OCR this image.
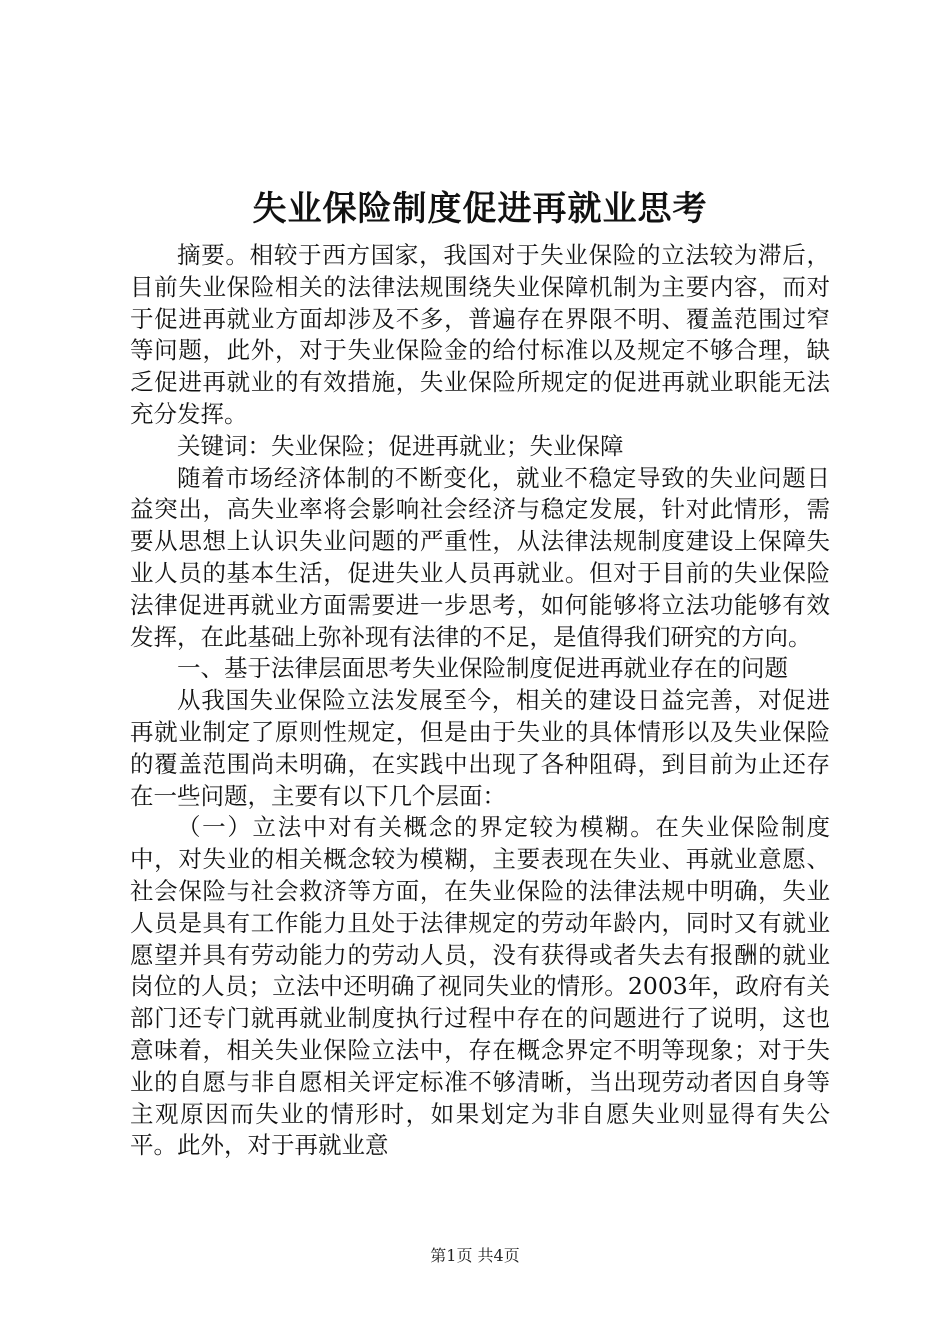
失业保险制度促进再就业思考

摘要。相较于西方国家，我国对于失业保险的立法较为滞后，目前失业保险相关的法律法规围绕失业保障机制为主要内容，而对于促进再就业方面却涉及不多，普遍存在界限不明、覆盖范围过窄等问题，此外，对于失业保险金的给付标准以及规定不够合理，缺乏促进再就业的有效措施，失业保险所规定的促进再就业职能无法充分发挥。

关键词：失业保险；促进再就业；失业保障

随着市场经济体制的不断变化，就业不稳定导致的失业问题日益突出，高失业率将会影响社会经济与稳定发展，针对此情形，需要从思想上认识失业问题的严重性，从法律法规制度建设上保障失业人员的基本生活，促进失业人员再就业。但对于目前的失业保险法律促进再就业方面需要进一步思考，如何能够将立法功能够有效发挥，在此基础上弥补现有法律的不足，是值得我们研究的方向。

一、基于法律层面思考失业保险制度促进再就业存在的问题

从我国失业保险立法发展至今，相关的建设日益完善，对促进再就业制定了原则性规定，但是由于失业的具体情形以及失业保险的覆盖范围尚未明确，在实践中出现了各种阻碍，到目前为止还存在一些问题，主要有以下几个层面：

（一）立法中对有关概念的界定较为模糊。在失业保险制度中，对失业的相关概念较为模糊，主要表现在失业、再就业意愿、社会保险与社会救济等方面，在失业保险的法律法规中明确，失业人员是具有工作能力且处于法律规定的劳动年龄内，同时又有就业愿望并具有劳动能力的劳动人员，没有获得或者失去有报酬的就业岗位的人员；立法中还明确了视同失业的情形。2003年，政府有关部门还专门就再就业制度执行过程中存在的问题进行了说明，这也意味着，相关失业保险立法中，存在概念界定不明等现象；对于失业的自愿与非自愿相关评定标准不够清晰，当出现劳动者因自身等主观原因而失业的情形时，如果划定为非自愿失业则显得有失公平。此外，对于再就业意

第1页 共4页
